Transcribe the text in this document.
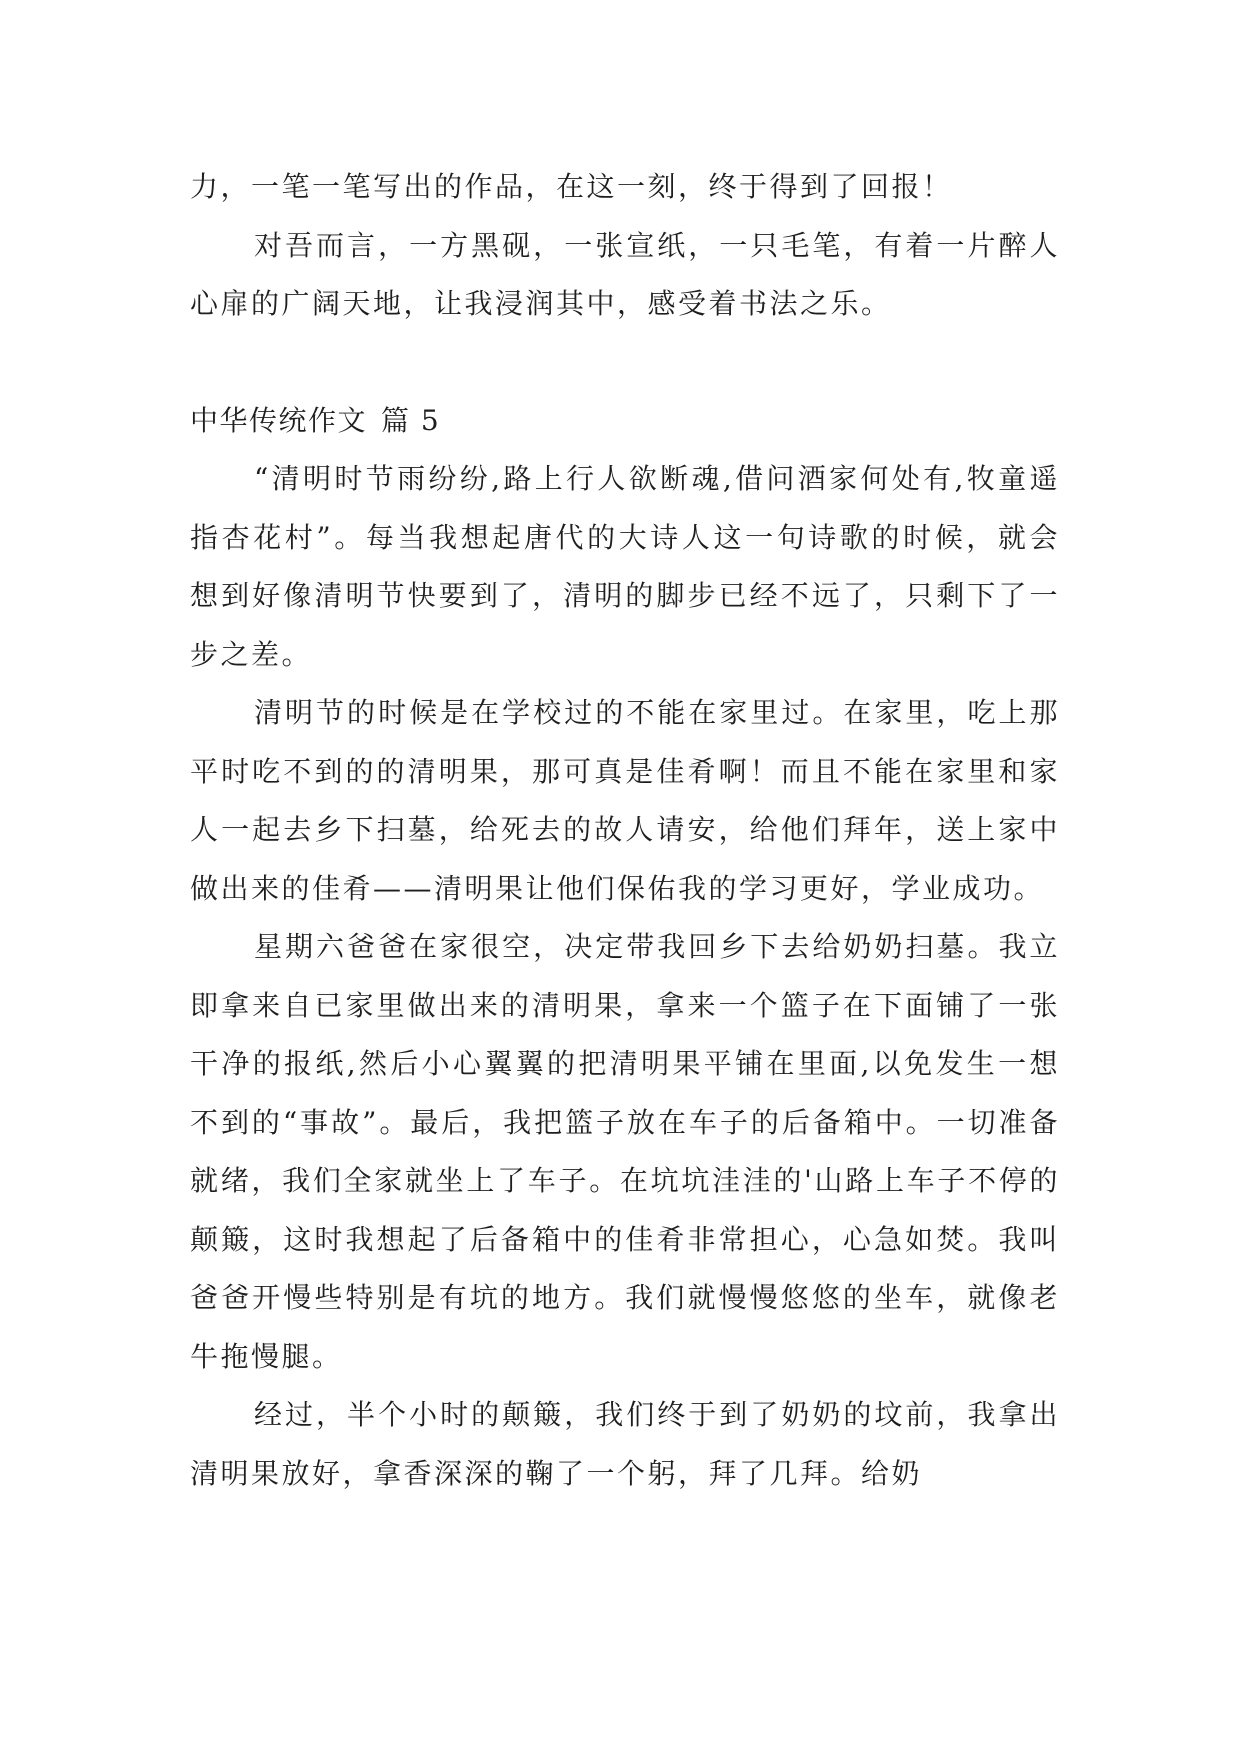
力，一笔一笔写出的作品，在这一刻，终于得到了回报！

对吾而言，一方黑砚，一张宣纸，一只毛笔，有着一片醉人心扉的广阔天地，让我浸润其中，感受着书法之乐。

中华传统作文 篇 5

“清明时节雨纷纷,路上行人欲断魂,借问酒家何处有,牧童遥指杏花村”。每当我想起唐代的大诗人这一句诗歌的时候，就会想到好像清明节快要到了，清明的脚步已经不远了，只剩下了一步之差。

清明节的时候是在学校过的不能在家里过。在家里，吃上那平时吃不到的的清明果，那可真是佳肴啊！而且不能在家里和家人一起去乡下扫墓，给死去的故人请安，给他们拜年，送上家中做出来的佳肴——清明果让他们保佑我的学习更好，学业成功。

星期六爸爸在家很空，决定带我回乡下去给奶奶扫墓。我立即拿来自已家里做出来的清明果，拿来一个篮子在下面铺了一张干净的报纸,然后小心翼翼的把清明果平铺在里面,以免发生一想不到的“事故”。最后，我把篮子放在车子的后备箱中。一切准备就绪，我们全家就坐上了车子。在坑坑洼洼的'山路上车子不停的颠簸，这时我想起了后备箱中的佳肴非常担心，心急如焚。我叫爸爸开慢些特别是有坑的地方。我们就慢慢悠悠的坐车，就像老牛拖慢腿。

经过，半个小时的颠簸，我们终于到了奶奶的坟前，我拿出清明果放好，拿香深深的鞠了一个躬，拜了几拜。给奶
